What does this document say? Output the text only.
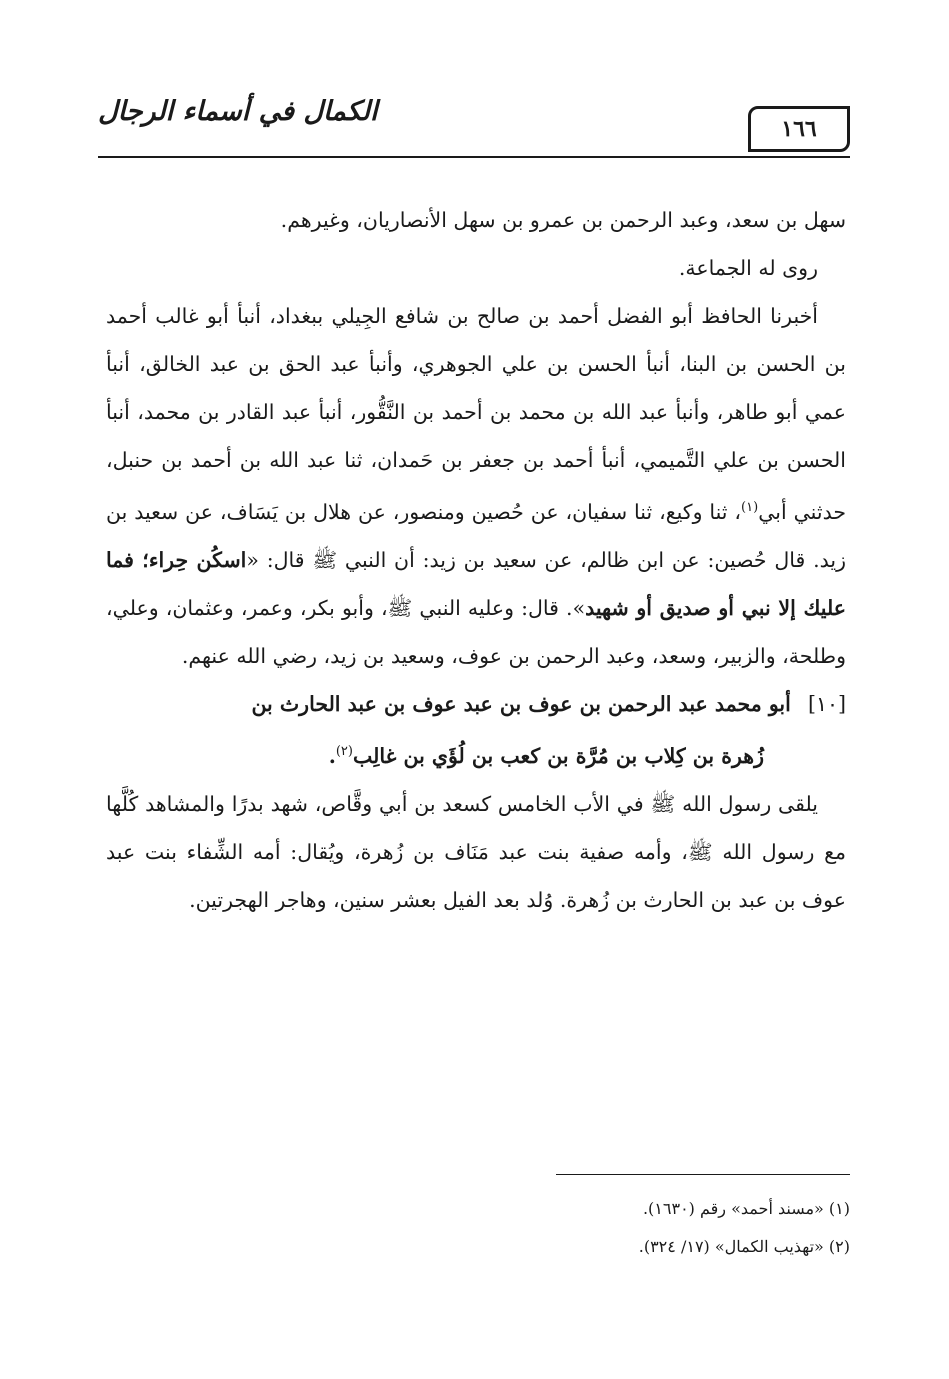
الكمال في أسماء الرجال
١٦٦

سهل بن سعد، وعبد الرحمن بن عمرو بن سهل الأنصاريان، وغيرهم.

روى له الجماعة.

أخبرنا الحافظ أبو الفضل أحمد بن صالح بن شافع الجِيلي ببغداد، أنبأ أبو غالب أحمد بن الحسن بن البنا، أنبأ الحسن بن علي الجوهري، وأنبأ عبد الحق بن عبد الخالق، أنبأ عمي أبو طاهر، وأنبأ عبد الله بن محمد بن أحمد بن النَّقُّور، أنبأ عبد القادر بن محمد، أنبأ الحسن بن علي التَّميمي، أنبأ أحمد بن جعفر بن حَمدان، ثنا عبد الله بن أحمد بن حنبل، حدثني أبي$^{(١)}$، ثنا وكيع، ثنا سفيان، عن حُصين ومنصور، عن هلال بن يَسَاف، عن سعيد بن زيد. قال حُصين: عن ابن ظالم، عن سعيد بن زيد: أن النبي ﷺ قال: «اسكُن حِراء؛ فما عليك إلا نبي أو صديق أو شهيد». قال: وعليه النبي ﷺ، وأبو بكر، وعمر، وعثمان، وعلي، وطلحة، والزبير، وسعد، وعبد الرحمن بن عوف، وسعيد بن زيد، رضي الله عنهم.

[١٠] أبو محمد عبد الرحمن بن عوف بن عبد عوف بن عبد الحارث بن
زُهرة بن كِلاب بن مُرَّة بن كعب بن لُؤَي بن غالِب$^{(٢)}$.

يلقى رسول الله ﷺ في الأب الخامس كسعد بن أبي وقَّاص، شهد بدرًا والمشاهد كُلَّها مع رسول الله ﷺ، وأمه صفية بنت عبد مَنَاف بن زُهرة، ويُقال: أمه الشِّفاء بنت عبد عوف بن عبد بن الحارث بن زُهرة. وُلد بعد الفيل بعشر سنين، وهاجر الهجرتين.

(١) «مسند أحمد» رقم (١٦٣٠).

(٢) «تهذيب الكمال» (١٧/ ٣٢٤).
